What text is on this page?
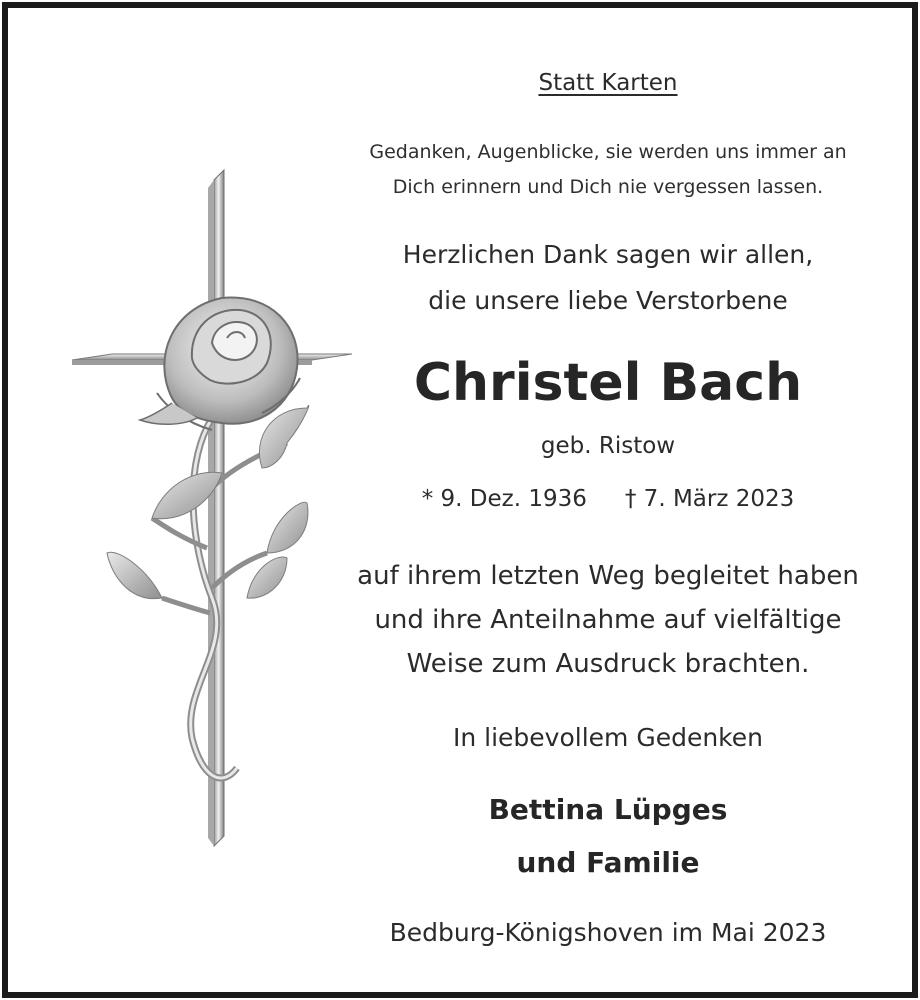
Statt Karten
Gedanken, Augenblicke, sie werden uns immer an
Dich erinnern und Dich nie vergessen lassen.
Herzlichen Dank sagen wir allen,
die unsere liebe Verstorbene
Christel Bach
geb. Ristow
* 9. Dez. 1936 † 7. März 2023
auf ihrem letzten Weg begleitet haben
und ihre Anteilnahme auf vielfältige
Weise zum Ausdruck brachten.
In liebevollem Gedenken
Bettina Lüpges
und Familie
Bedburg-Königshoven im Mai 2023
